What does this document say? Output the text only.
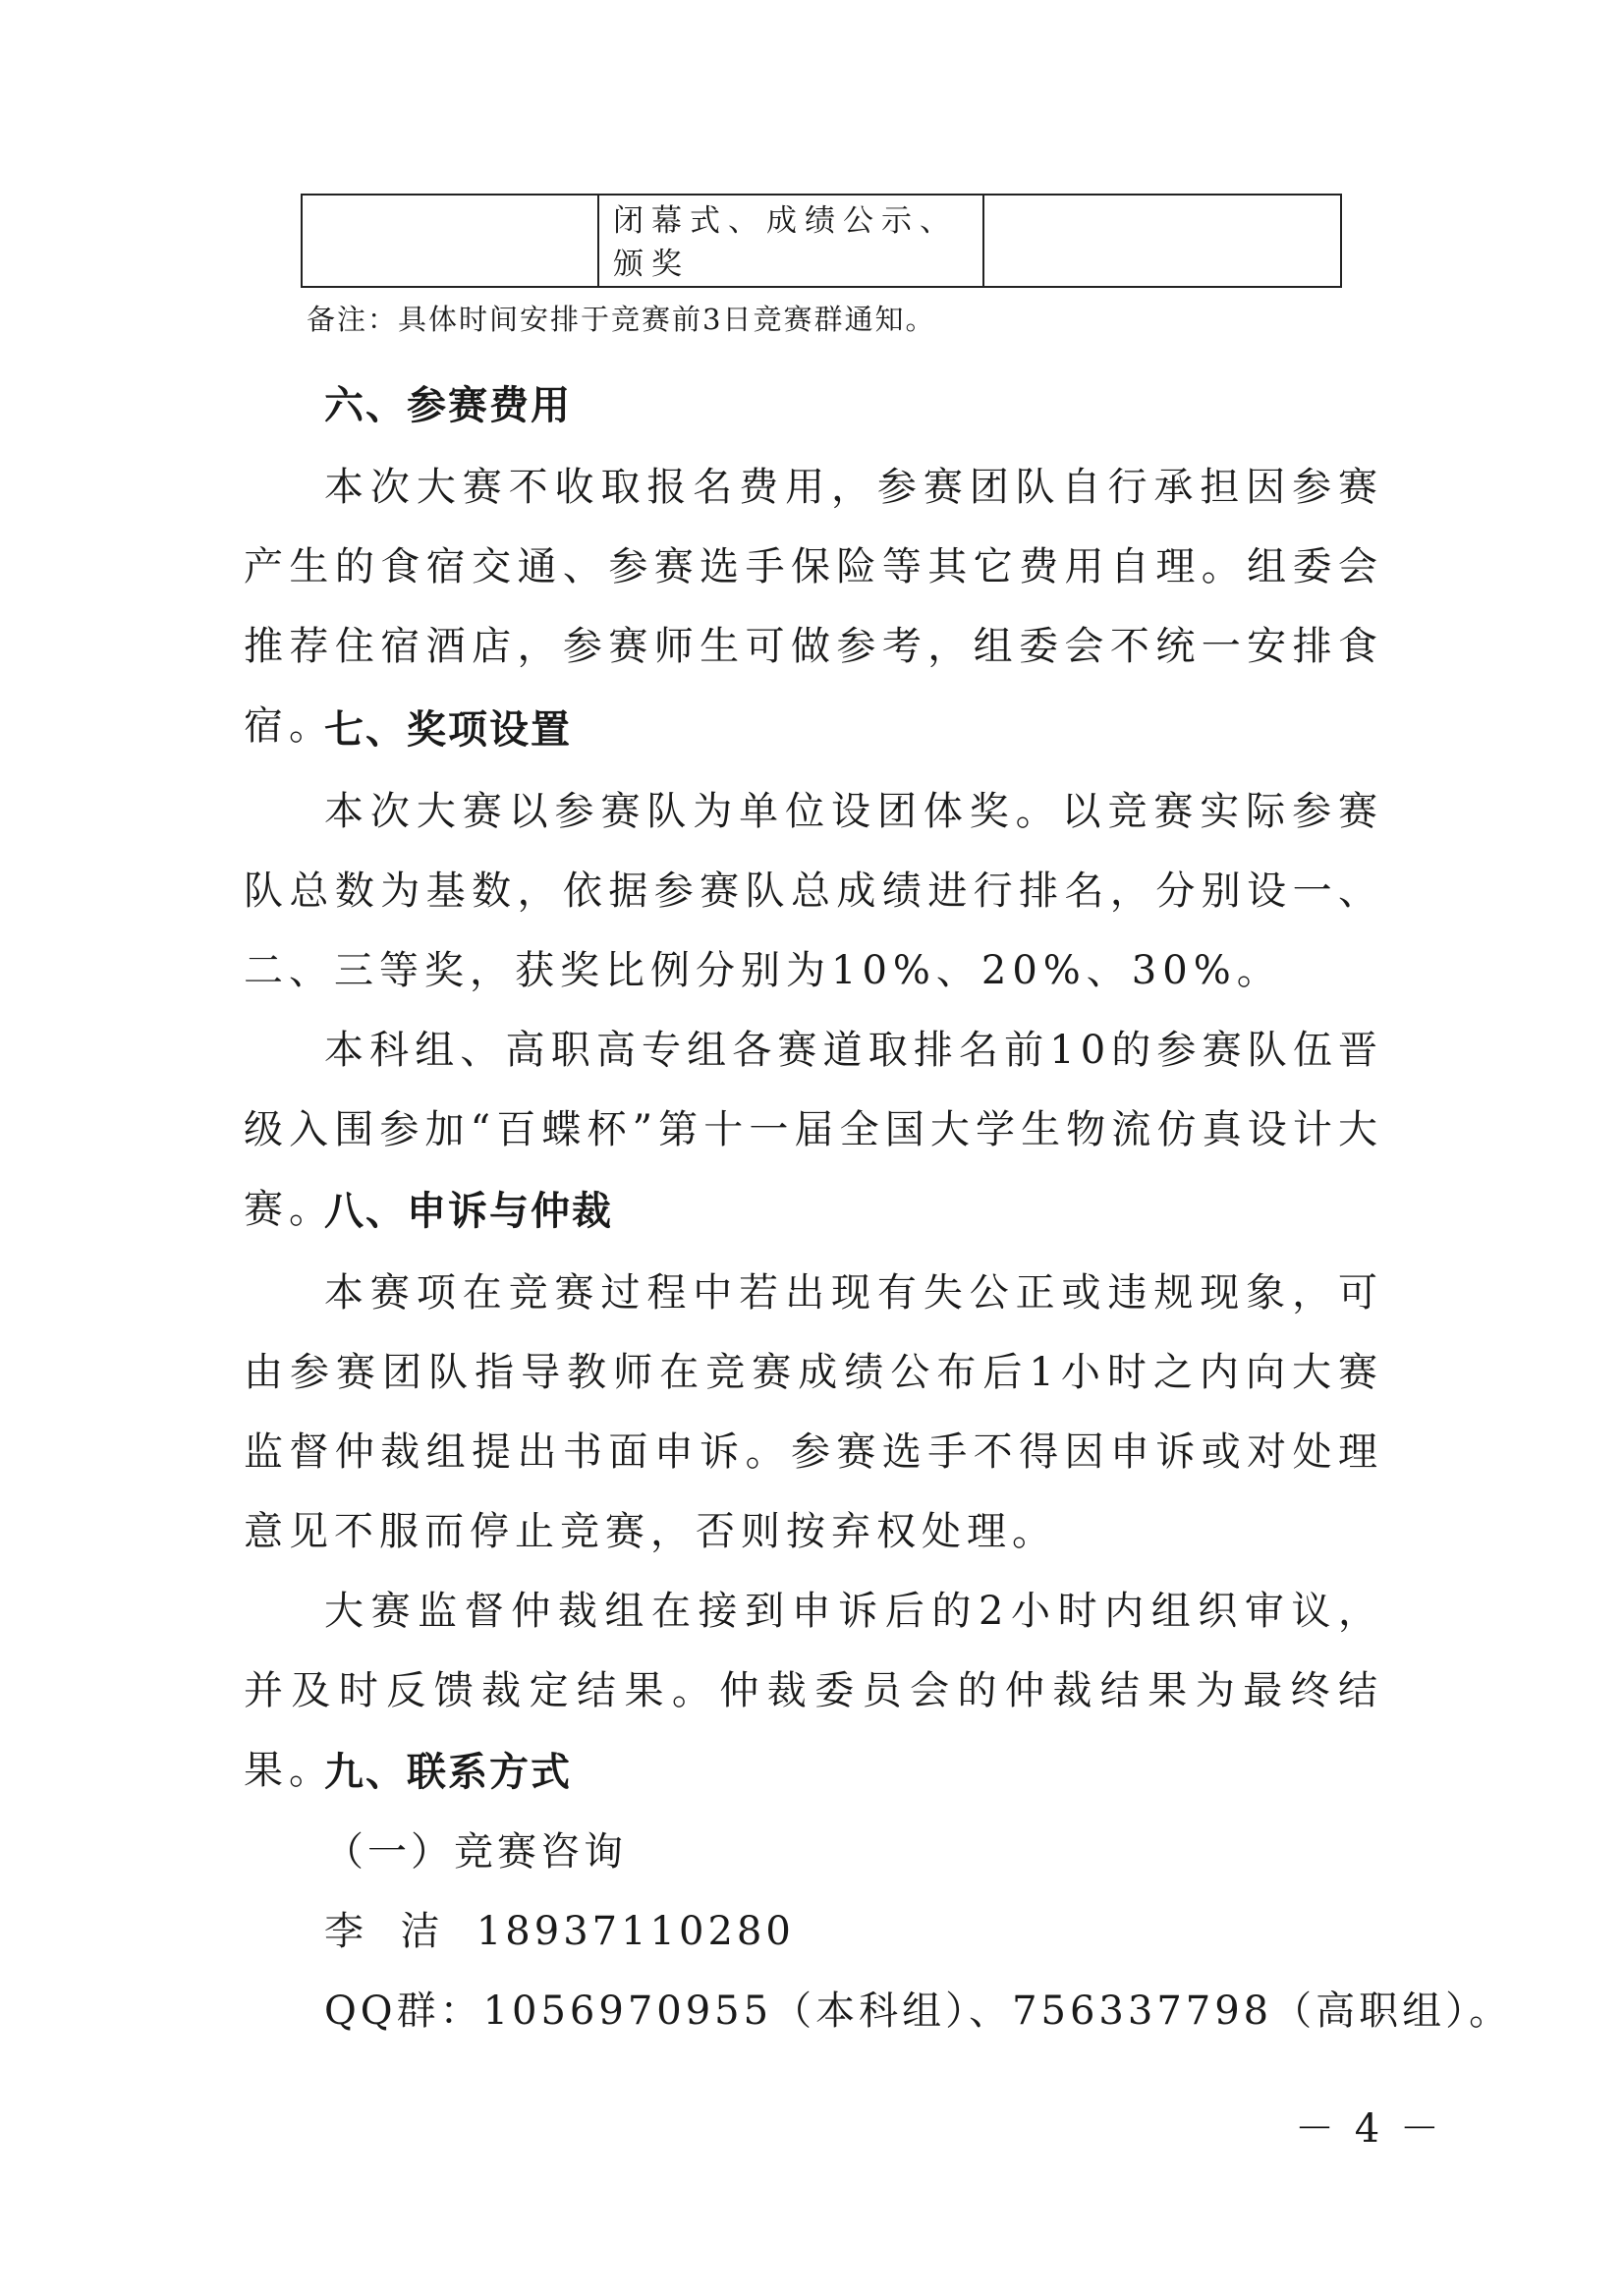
闭幕式、成绩公示、颁奖

备注：具体时间安排于竞赛前3日竞赛群通知。
六、参赛费用

本次大赛不收取报名费用，参赛团队自行承担因参赛产生的食宿交通、参赛选手保险等其它费用自理。组委会推荐住宿酒店，参赛师生可做参考，组委会不统一安排食宿。

七、奖项设置

本次大赛以参赛队为单位设团体奖。以竞赛实际参赛队总数为基数，依据参赛队总成绩进行排名，分别设一、二、三等奖，获奖比例分别为10%、20%、30%。

本科组、高职高专组各赛道取排名前10的参赛队伍晋级入围参加“百蝶杯”第十一届全国大学生物流仿真设计大赛。

八、申诉与仲裁

本赛项在竞赛过程中若出现有失公正或违规现象，可由参赛团队指导教师在竞赛成绩公布后1小时之内向大赛监督仲裁组提出书面申诉。参赛选手不得因申诉或对处理意见不服而停止竞赛，否则按弃权处理。

大赛监督仲裁组在接到申诉后的2小时内组织审议，并及时反馈裁定结果。仲裁委员会的仲裁结果为最终结果。

九、联系方式
（一）竞赛咨询
李  洁  18937110280
QQ群：1056970955（本科组）、756337798（高职组）。
－ 4 －
